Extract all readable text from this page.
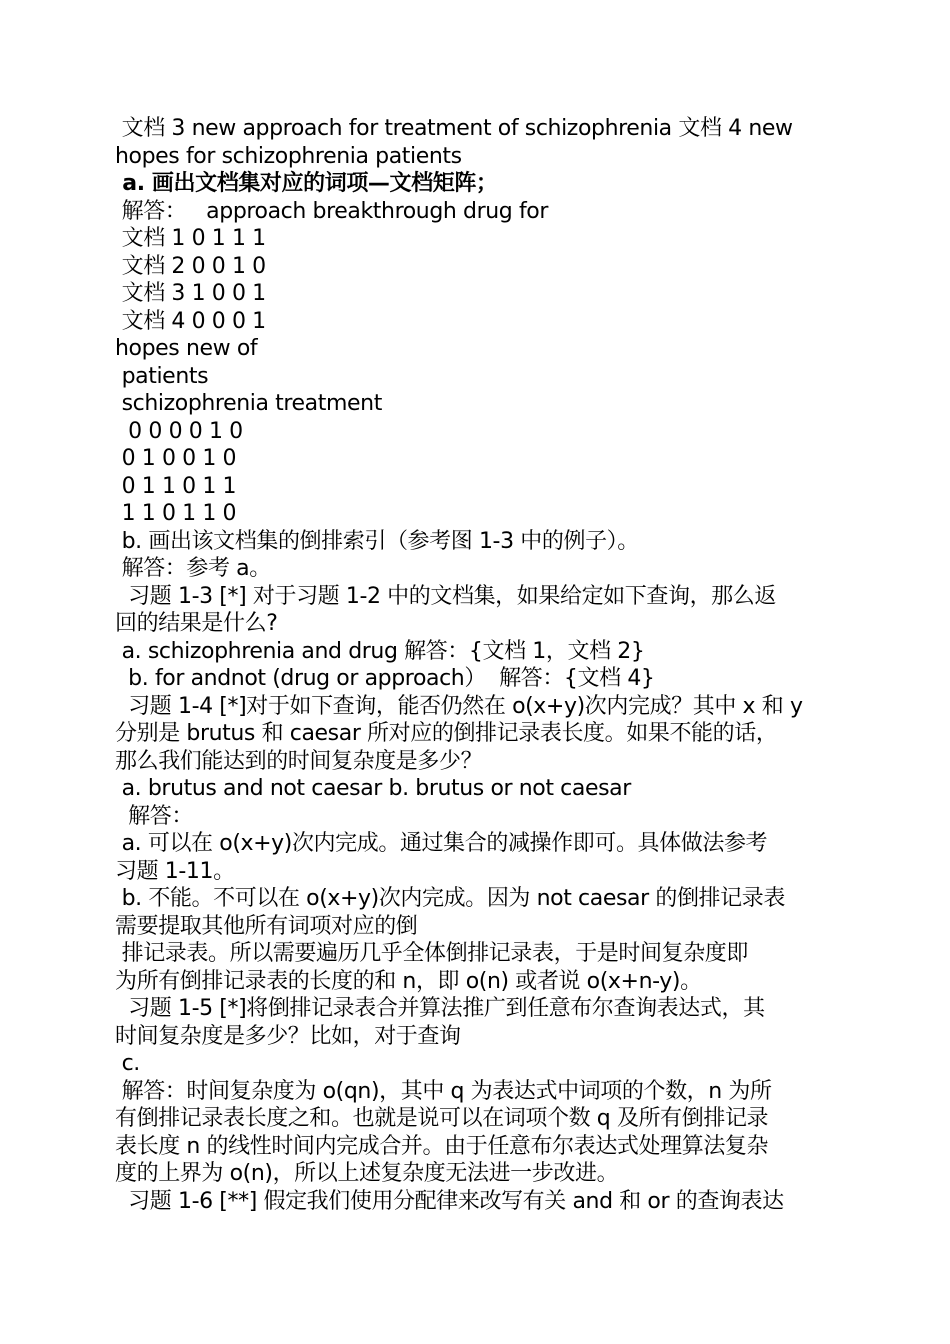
文档 3 new approach for treatment of schizophrenia 文档 4 new
hopes for schizophrenia patients
a. 画出文档集对应的词项—文档矩阵；
解答：   approach breakthrough drug for
文档 1 0 1 1 1
文档 2 0 0 1 0
文档 3 1 0 0 1
文档 4 0 0 0 1
hopes new of
patients
schizophrenia treatment
0 0 0 0 1 0
0 1 0 0 1 0
0 1 1 0 1 1
1 1 0 1 1 0
b. 画出该文档集的倒排索引（参考图 1-3 中的例子）。
解答：参考 a。
习题 1-3 [*] 对于习题 1-2 中的文档集，如果给定如下查询，那么返
回的结果是什么?
a. schizophrenia and drug 解答：{文档 1，文档 2}
b. for andnot (drug or approach）  解答：{文档 4}
习题 1-4 [*]对于如下查询，能否仍然在 o(x+y)次内完成？其中 x 和 y
分别是 brutus 和 caesar 所对应的倒排记录表长度。如果不能的话，
那么我们能达到的时间复杂度是多少？
a. brutus and not caesar b. brutus or not caesar
解答：
a. 可以在 o(x+y)次内完成。通过集合的减操作即可。具体做法参考
习题 1-11。
b. 不能。不可以在 o(x+y)次内完成。因为 not caesar 的倒排记录表
需要提取其他所有词项对应的倒
排记录表。所以需要遍历几乎全体倒排记录表，于是时间复杂度即
为所有倒排记录表的长度的和 n，即 o(n) 或者说 o(x+n-y)。
习题 1-5 [*]将倒排记录表合并算法推广到任意布尔查询表达式，其
时间复杂度是多少？比如，对于查询
c.
解答：时间复杂度为 o(qn)，其中 q 为表达式中词项的个数，n 为所
有倒排记录表长度之和。也就是说可以在词项个数 q 及所有倒排记录
表长度 n 的线性时间内完成合并。由于任意布尔表达式处理算法复杂
度的上界为 o(n)，所以上述复杂度无法进一步改进。
习题 1-6 [**] 假定我们使用分配律来改写有关 and 和 or 的查询表达
